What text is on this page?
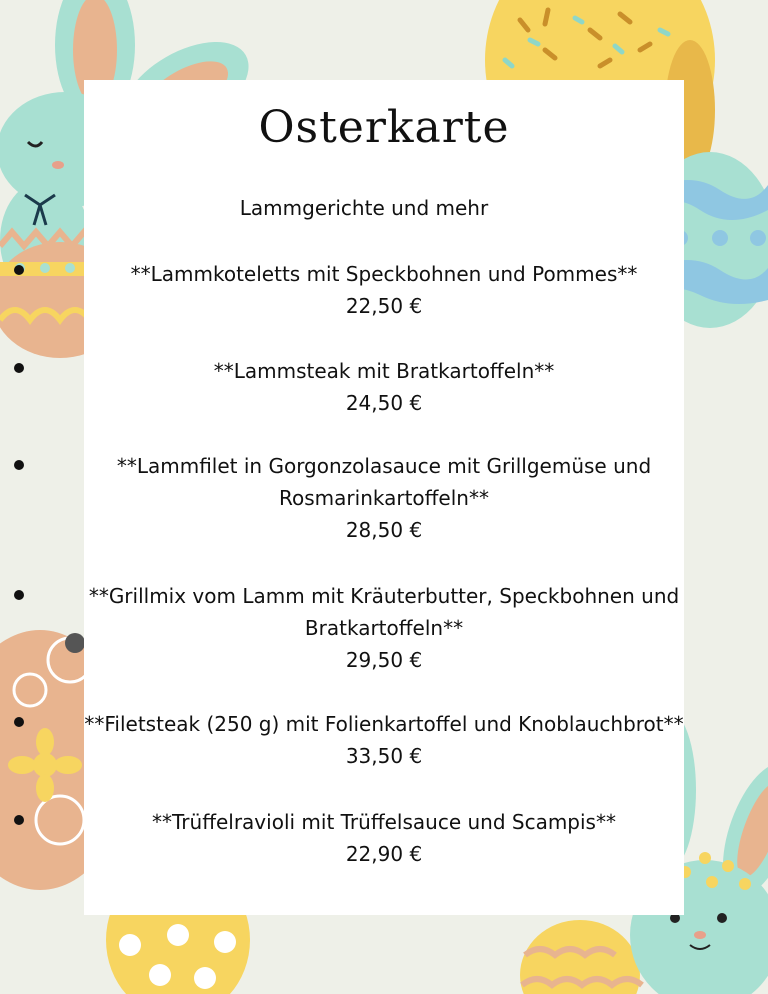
Osterkarte
Lammgerichte und mehr
**Lammkoteletts mit Speckbohnen und Pommes**
22,50 €
**Lammsteak mit Bratkartoffeln**
24,50 €
**Lammfilet in Gorgonzolasauce mit Grillgemüse und Rosmarinkartoffeln**
28,50 €
**Grillmix vom Lamm mit Kräuterbutter, Speckbohnen und Bratkartoffeln**
29,50 €
**Filetsteak (250 g) mit Folienkartoffel und Knoblauchbrot**
33,50 €
**Trüffelravioli mit Trüffelsauce und Scampis**
22,90 €
